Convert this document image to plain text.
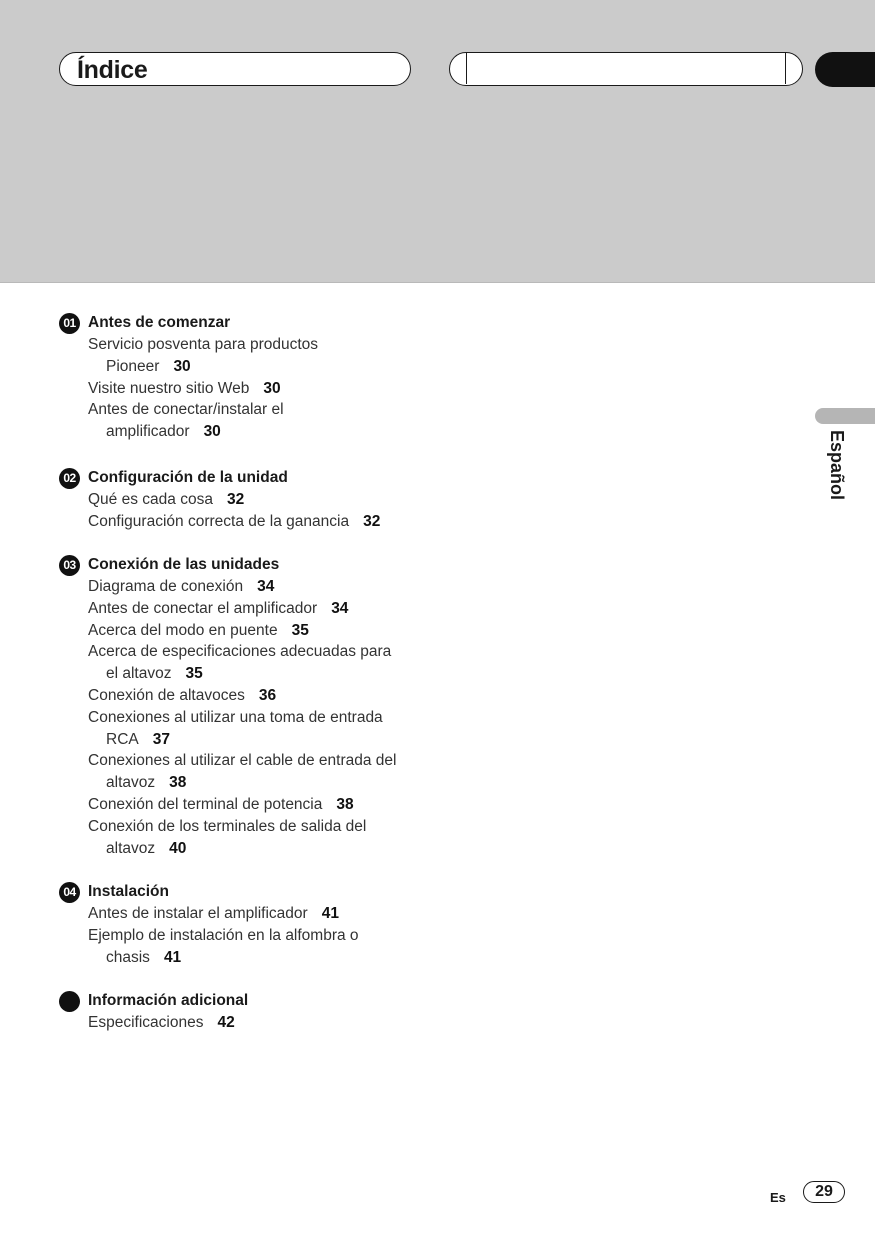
Índice
01 Antes de comenzar
Servicio posventa para productos
Pioneer 30
Visite nuestro sitio Web 30
Antes de conectar/instalar el
amplificador 30
02 Configuración de la unidad
Qué es cada cosa 32
Configuración correcta de la ganancia 32
03 Conexión de las unidades
Diagrama de conexión 34
Antes de conectar el amplificador 34
Acerca del modo en puente 35
Acerca de especificaciones adecuadas para
el altavoz 35
Conexión de altavoces 36
Conexiones al utilizar una toma de entrada
RCA 37
Conexiones al utilizar el cable de entrada del
altavoz 38
Conexión del terminal de potencia 38
Conexión de los terminales de salida del
altavoz 40
04 Instalación
Antes de instalar el amplificador 41
Ejemplo de instalación en la alfombra o
chasis 41
Información adicional
Especificaciones 42
Español
Es	29
